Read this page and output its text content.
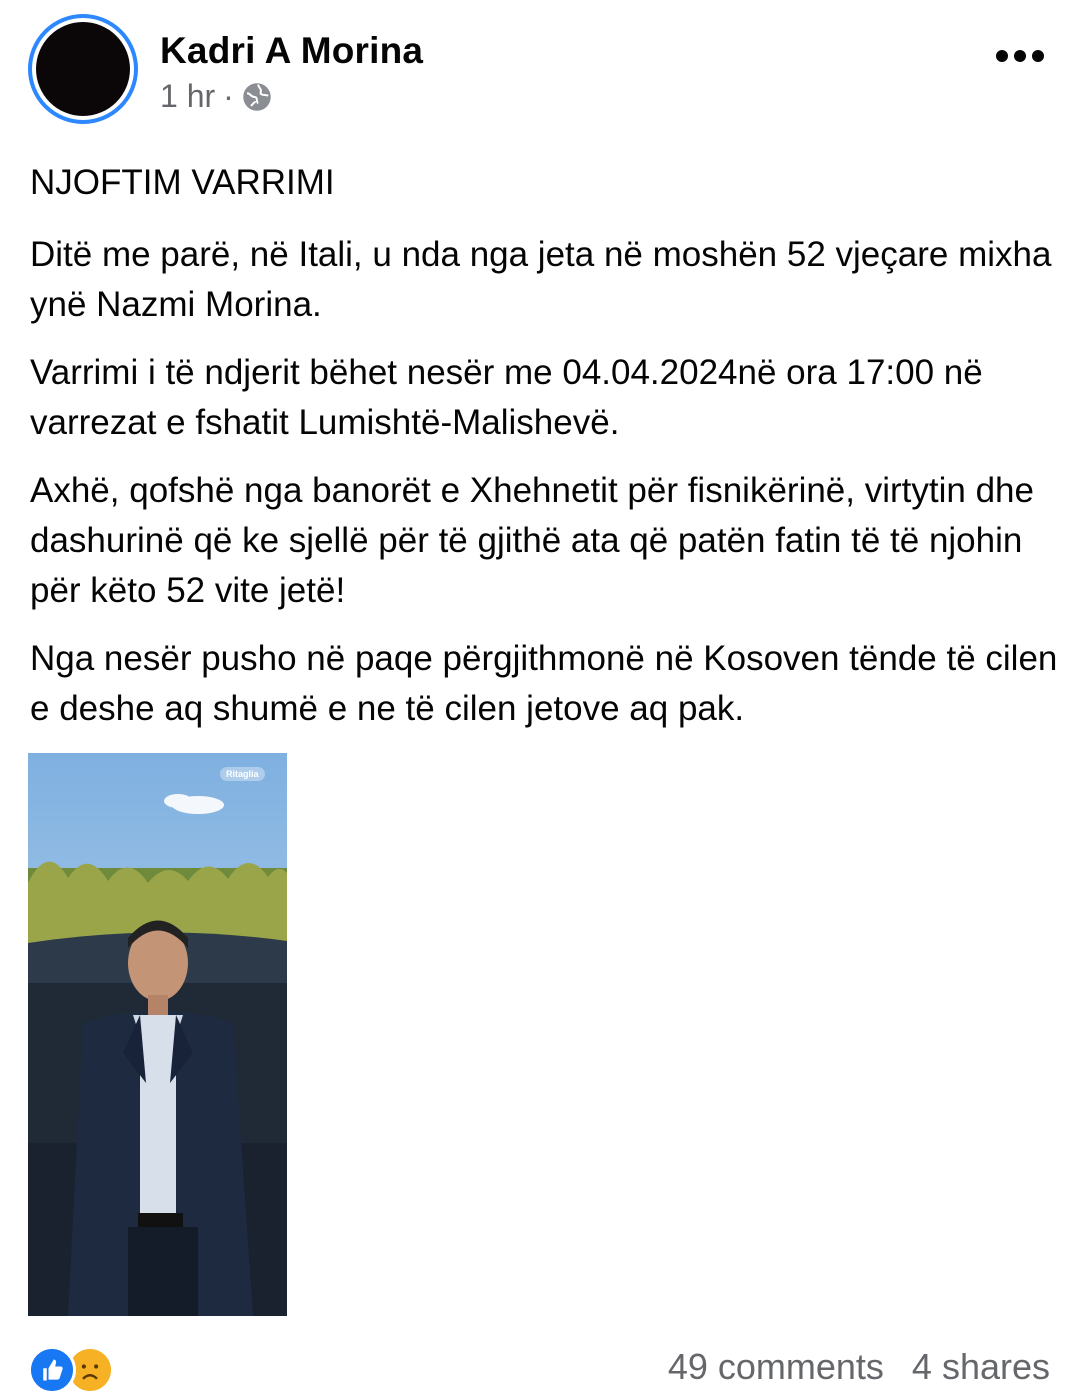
Kadri A Morina
1 hr ·

NJOFTIM VARRIMI

Ditë me parë, në Itali, u nda nga jeta në moshën 52 vjeçare mixha ynë Nazmi Morina.

Varrimi i të ndjerit bëhet nesër me 04.04.2024në ora 17:00 në varrezat e fshatit Lumishtë-Malishevë.

Axhë, qofshë nga banorët e Xhehnetit për fisnikërinë, virtytin dhe dashurinë që ke sjellë për të gjithë ata që patën fatin të të njohin për këto 52 vite jetë!

Nga nesër pusho në paqe përgjithmonë në Kosoven tënde të cilen e deshe aq shumë e ne të cilen jetove aq pak.

Ritaglia
49 comments 4 shares
